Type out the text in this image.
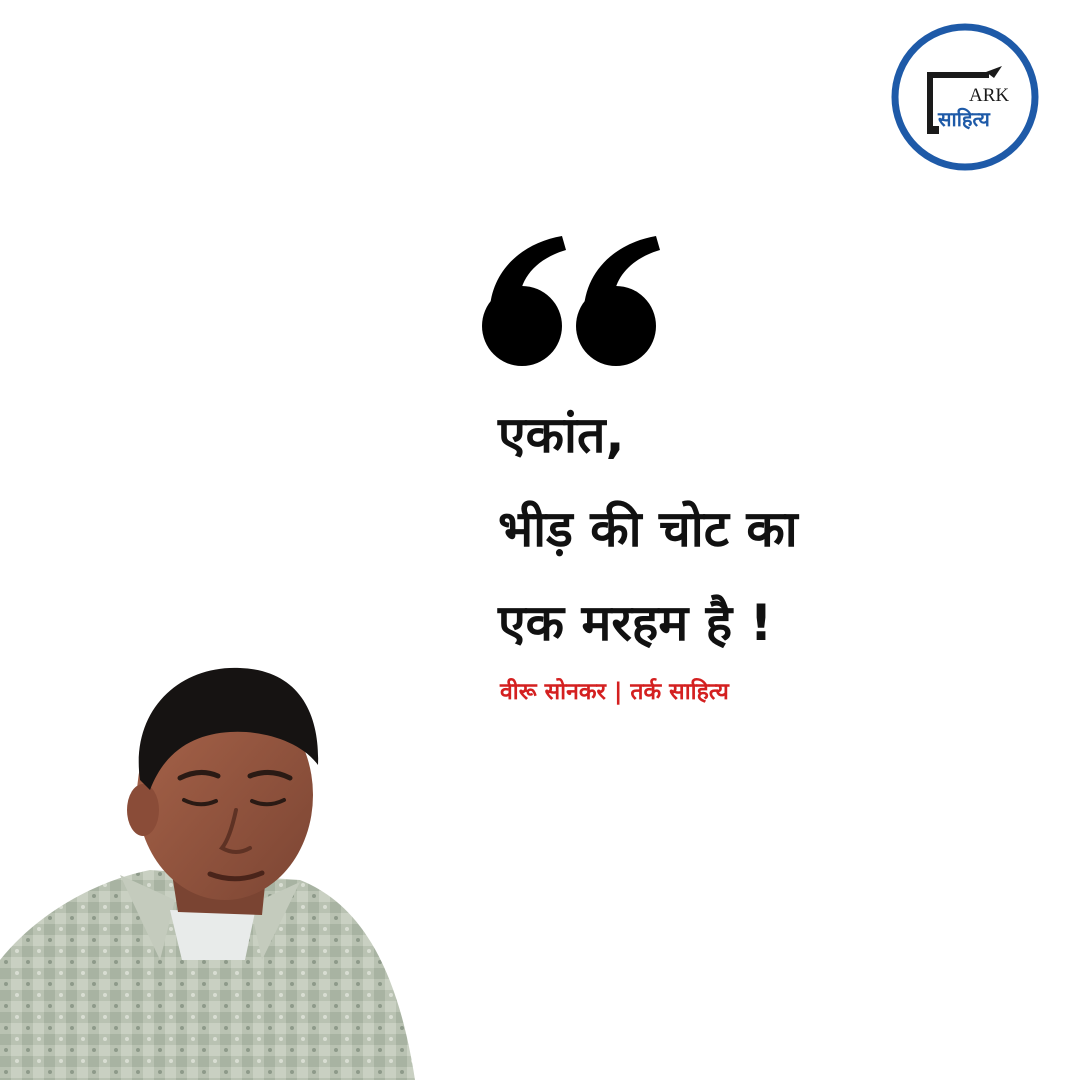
ARK
साहित्य
एकांत,
भीड़ की चोट का
एक मरहम है !
वीरू सोनकर | तर्क साहित्य
